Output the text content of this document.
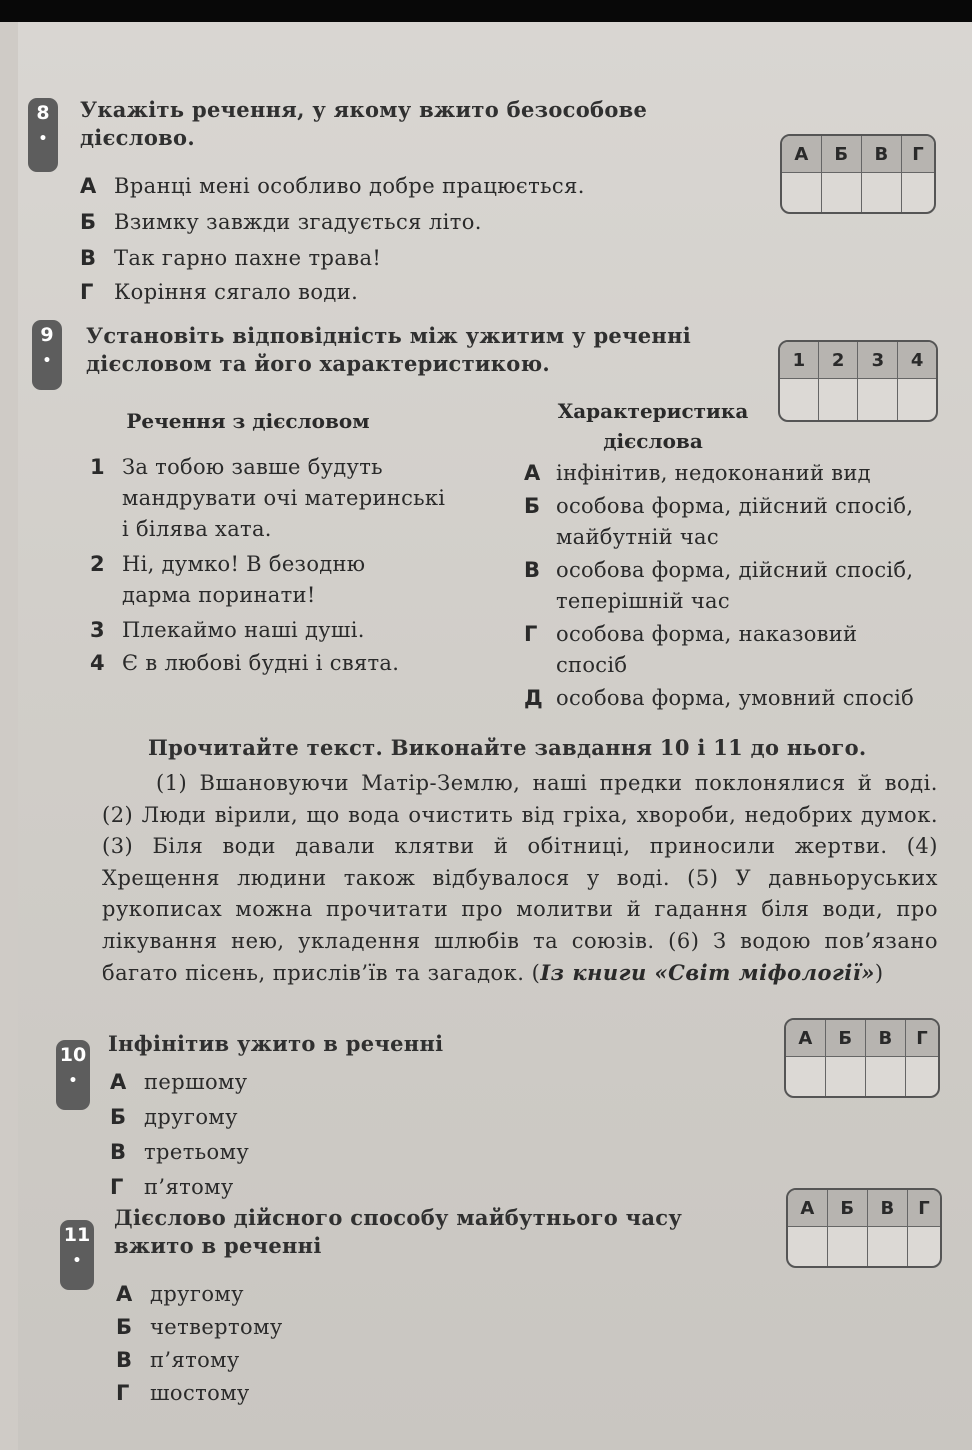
8
•
Укажіть речення, у якому вжито безособове дієслово.
А Вранці мені особливо добре працюється.
Б Взимку завжди згадується літо.
В Так гарно пахне трава!
Г Коріння сягало води.
А	Б	В	Г

9
•
Установіть відповідність між ужитим у реченні дієсловом та його характеристикою.	1	2	3	4

Речення з дієсловом	Характеристика дієслова
1 За тобою завше будуть мандрувати очі материнські і білява хата.
2 Ні, думко! В безодню дарма поринати!
3 Плекаймо наші душі.
4 Є в любові будні і свята.
А інфінітив, недоконаний вид
Б особова форма, дійсний спосіб, майбутній час
В особова форма, дійсний спосіб, теперішній час
Г особова форма, наказовий спосіб
Д особова форма, умовний спосіб
Прочитайте текст. Виконайте завдання 10 і 11 до нього.
(1) Вшановуючи Матір-Землю, наші предки поклонялися й воді. (2) Люди вірили, що вода очистить від гріха, хвороби, недобрих думок. (3) Біля води давали клятви й обітниці, приносили жертви. (4) Хрещення людини також відбувалося у воді. (5) У давньоруських рукописах можна прочитати про молитви й гадання біля води, про лікування нею, укладення шлюбів та союзів. (6) З водою пов’язано багато пісень, прислів’їв та загадок. (Із книги «Світ міфології»)
10
•
Інфінітив ужито в реченні
А першому
Б другому
В третьому
Г п’ятому
А	Б	В	Г

11
•
Дієслово дійсного способу майбутнього часу вжито в реченні
А другому
Б четвертому
В п’ятому
Г шостому
А	Б	В	Г
